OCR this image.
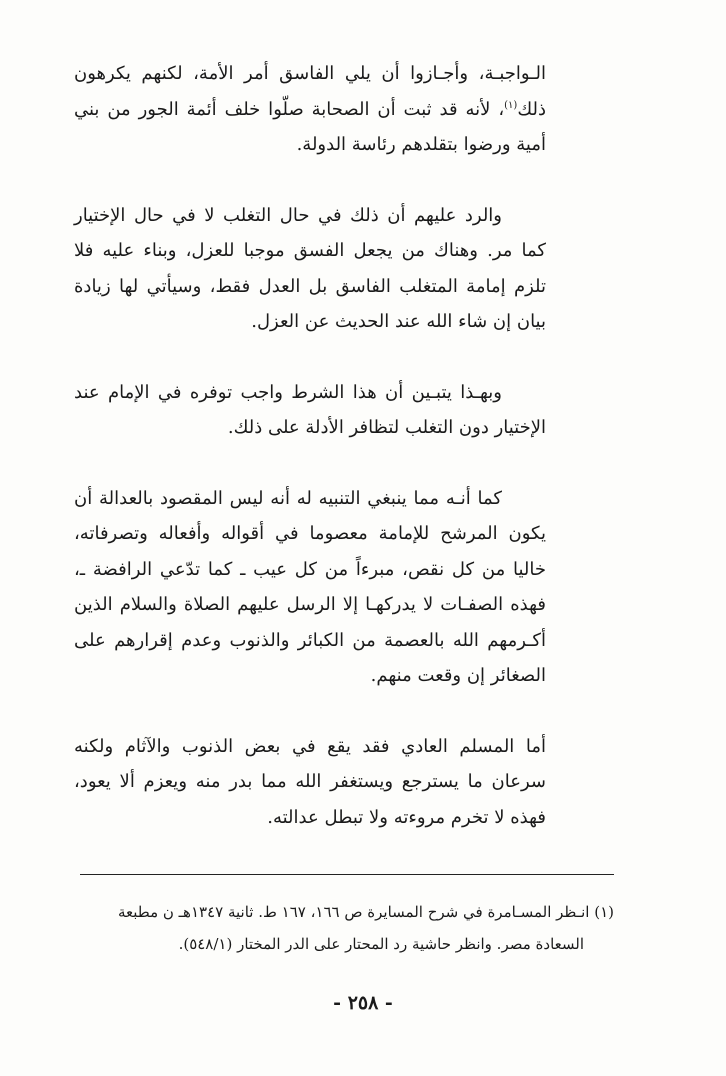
الـواجبـة، وأجـازوا أن يلي الفاسق أمر الأمة، لكنهم يكرهون ذلك$^{(١)}$، لأنه قد ثبت أن الصحابة صلّوا خلف أئمة الجور من بني أمية ورضوا بتقلدهم رئاسة الدولة.

والرد عليهم أن ذلك في حال التغلب لا في حال الإختيار كما مر. وهناك من يجعل الفسق موجبا للعزل، وبناء عليه فلا تلزم إمامة المتغلب الفاسق بل العدل فقط، وسيأتي لها زيادة بيان إن شاء الله عند الحديث عن العزل.

وبهـذا يتبـين أن هذا الشرط واجب توفره في الإمام عند الإختيار دون التغلب لتظافر الأدلة على ذلك.

كما أنـه مما ينبغي التنبيه له أنه ليس المقصود بالعدالة أن يكون المرشح للإمامة معصوما في أقواله وأفعاله وتصرفاته، خاليا من كل نقص، مبرءاً من كل عيب ـ كما تدّعي الرافضة ـ، فهذه الصفـات لا يدركهـا إلا الرسل عليهم الصلاة والسلام الذين أكـرمهم الله بالعصمة من الكبائر والذنوب وعدم إقرارهم على الصغائر إن وقعت منهم.

أما المسلم العادي فقد يقع في بعض الذنوب والآثام ولكنه سرعان ما يسترجع ويستغفر الله مما بدر منه ويعزم ألا يعود، فهذه لا تخرم مروءته ولا تبطل عدالته.

(١) انـظر المسـامرة في شرح المسايرة ص ١٦٦، ١٦٧ ط. ثانية ١٣٤٧هـ ن مطبعة
السعادة مصر. وانظر حاشية رد المحتار على الدر المختار (٥٤٨/١).
- ٢٥٨ -
